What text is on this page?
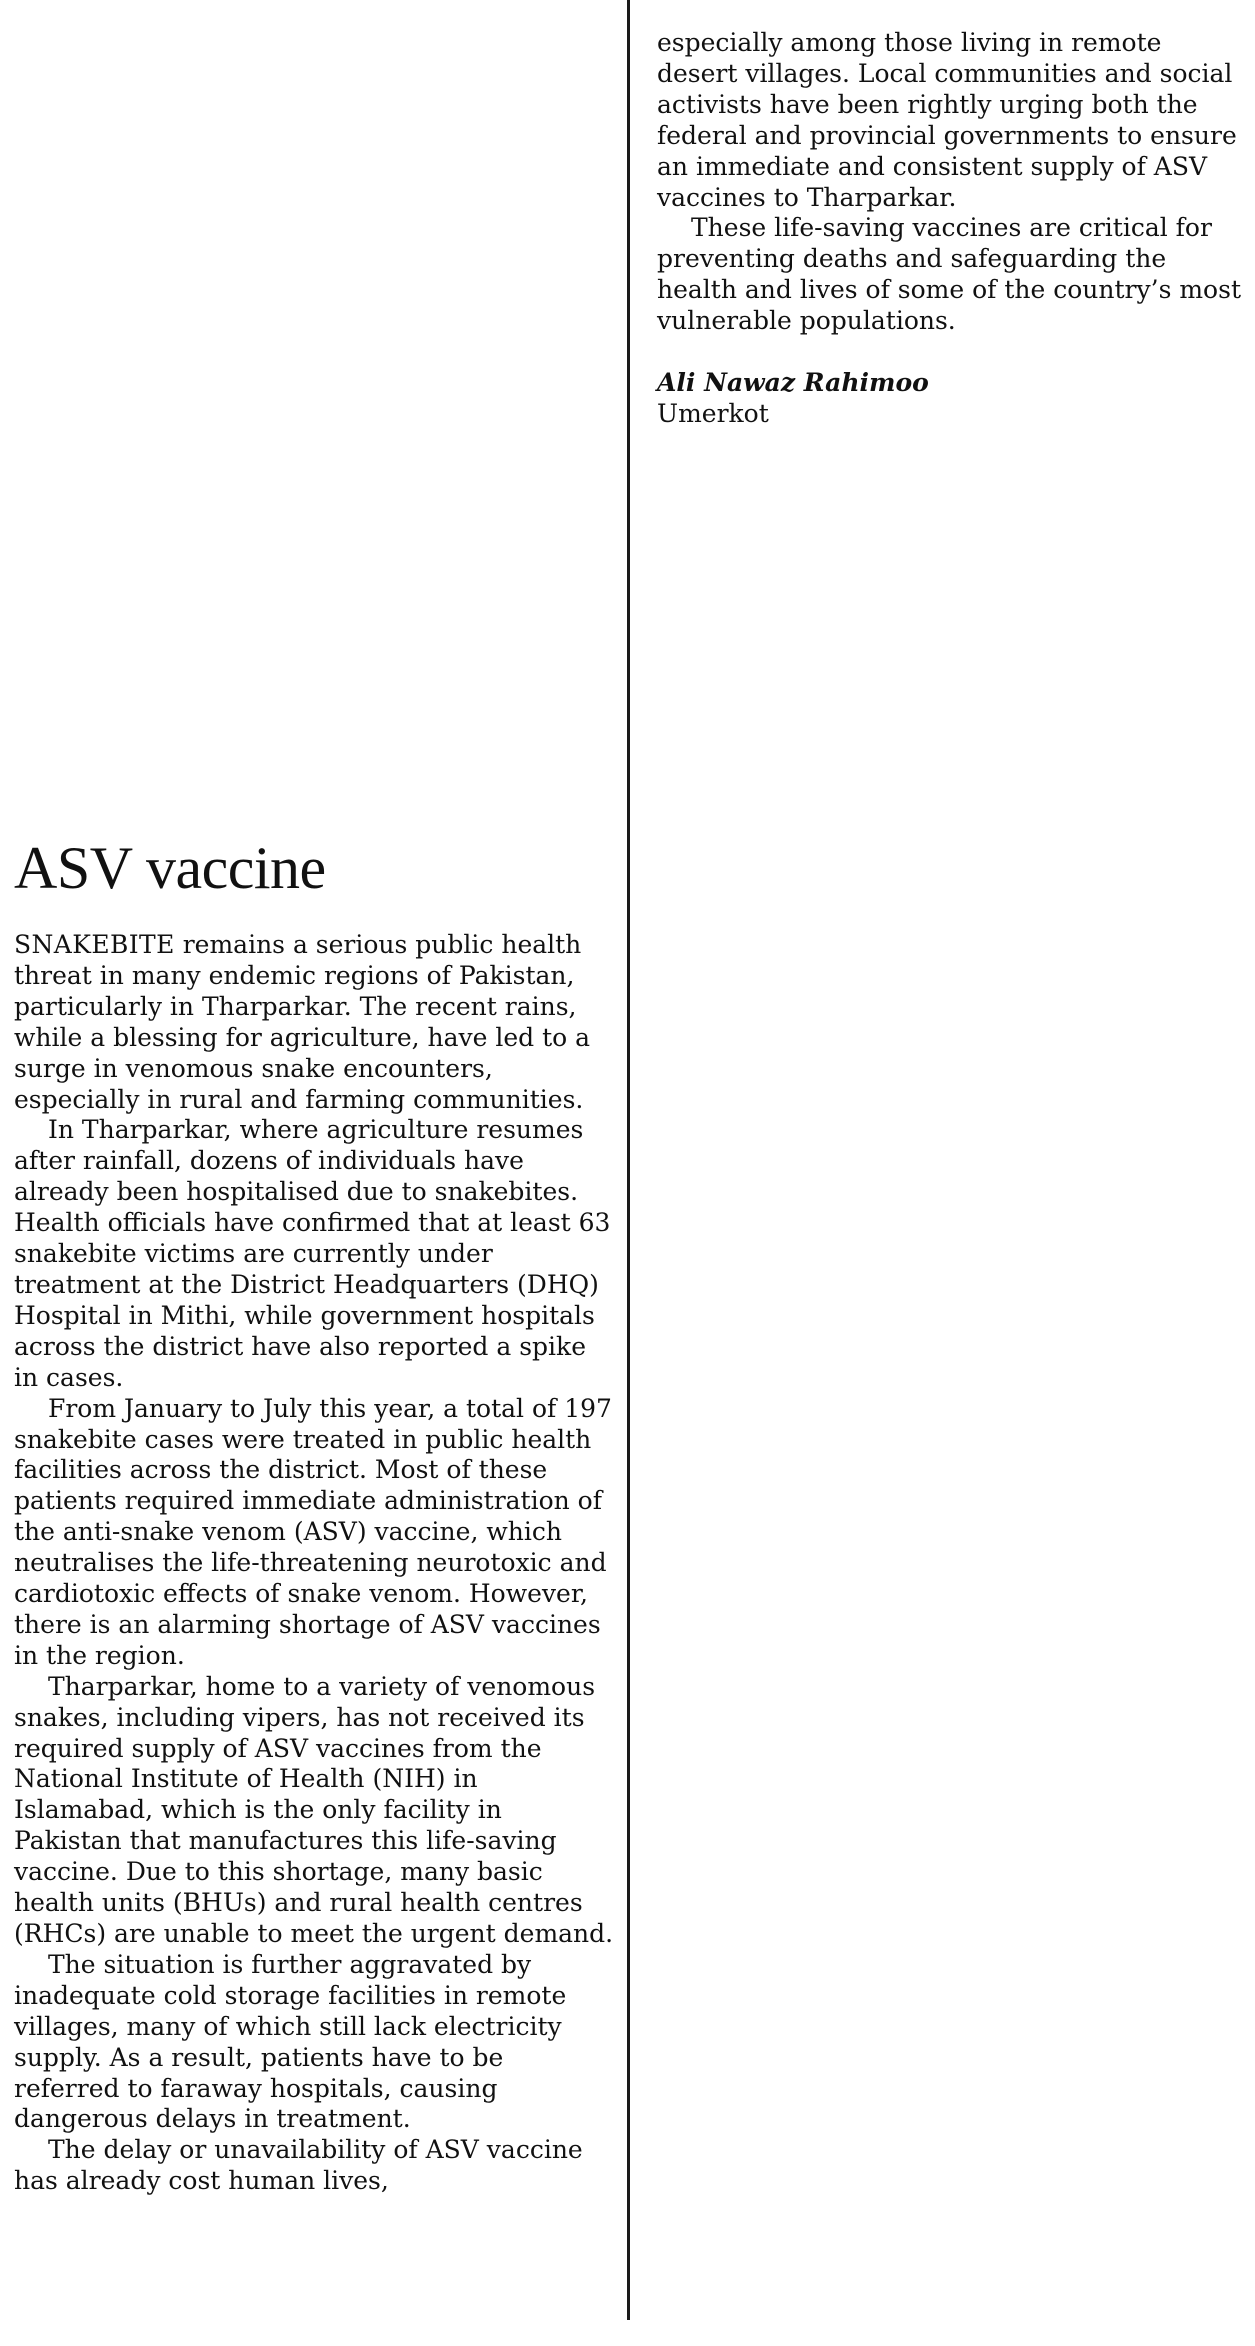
ASV vaccine

SNAKEBITE remains a serious public health threat in many endemic regions of Pakistan, particularly in Tharparkar. The recent rains, while a blessing for agriculture, have led to a surge in venomous snake encounters, especially in rural and farming communities.

In Tharparkar, where agriculture resumes after rainfall, dozens of individuals have already been hospitalised due to snakebites. Health officials have confirmed that at least 63 snakebite victims are currently under treatment at the District Headquarters (DHQ) Hospital in Mithi, while government hospitals across the district have also reported a spike in cases.

From January to July this year, a total of 197 snakebite cases were treated in public health facilities across the district. Most of these patients required immediate administration of the anti-snake venom (ASV) vaccine, which neutralises the life-threatening neurotoxic and cardiotoxic effects of snake venom. However, there is an alarming shortage of ASV vaccines in the region.

Tharparkar, home to a variety of venomous snakes, including vipers, has not received its required supply of ASV vaccines from the National Institute of Health (NIH) in Islamabad, which is the only facility in Pakistan that manufactures this life-saving vaccine. Due to this shortage, many basic health units (BHUs) and rural health centres (RHCs) are unable to meet the urgent demand.

The situation is further aggravated by inadequate cold storage facilities in remote villages, many of which still lack electricity supply. As a result, patients have to be referred to faraway hospitals, causing dangerous delays in treatment.

The delay or unavailability of ASV vaccine has already cost human lives,

especially among those living in remote desert villages. Local communities and social activists have been rightly urging both the federal and provincial governments to ensure an immediate and consistent supply of ASV vaccines to Tharparkar.

These life-saving vaccines are critical for preventing deaths and safeguarding the health and lives of some of the country’s most vulnerable populations.

Ali Nawaz Rahimoo

Umerkot
